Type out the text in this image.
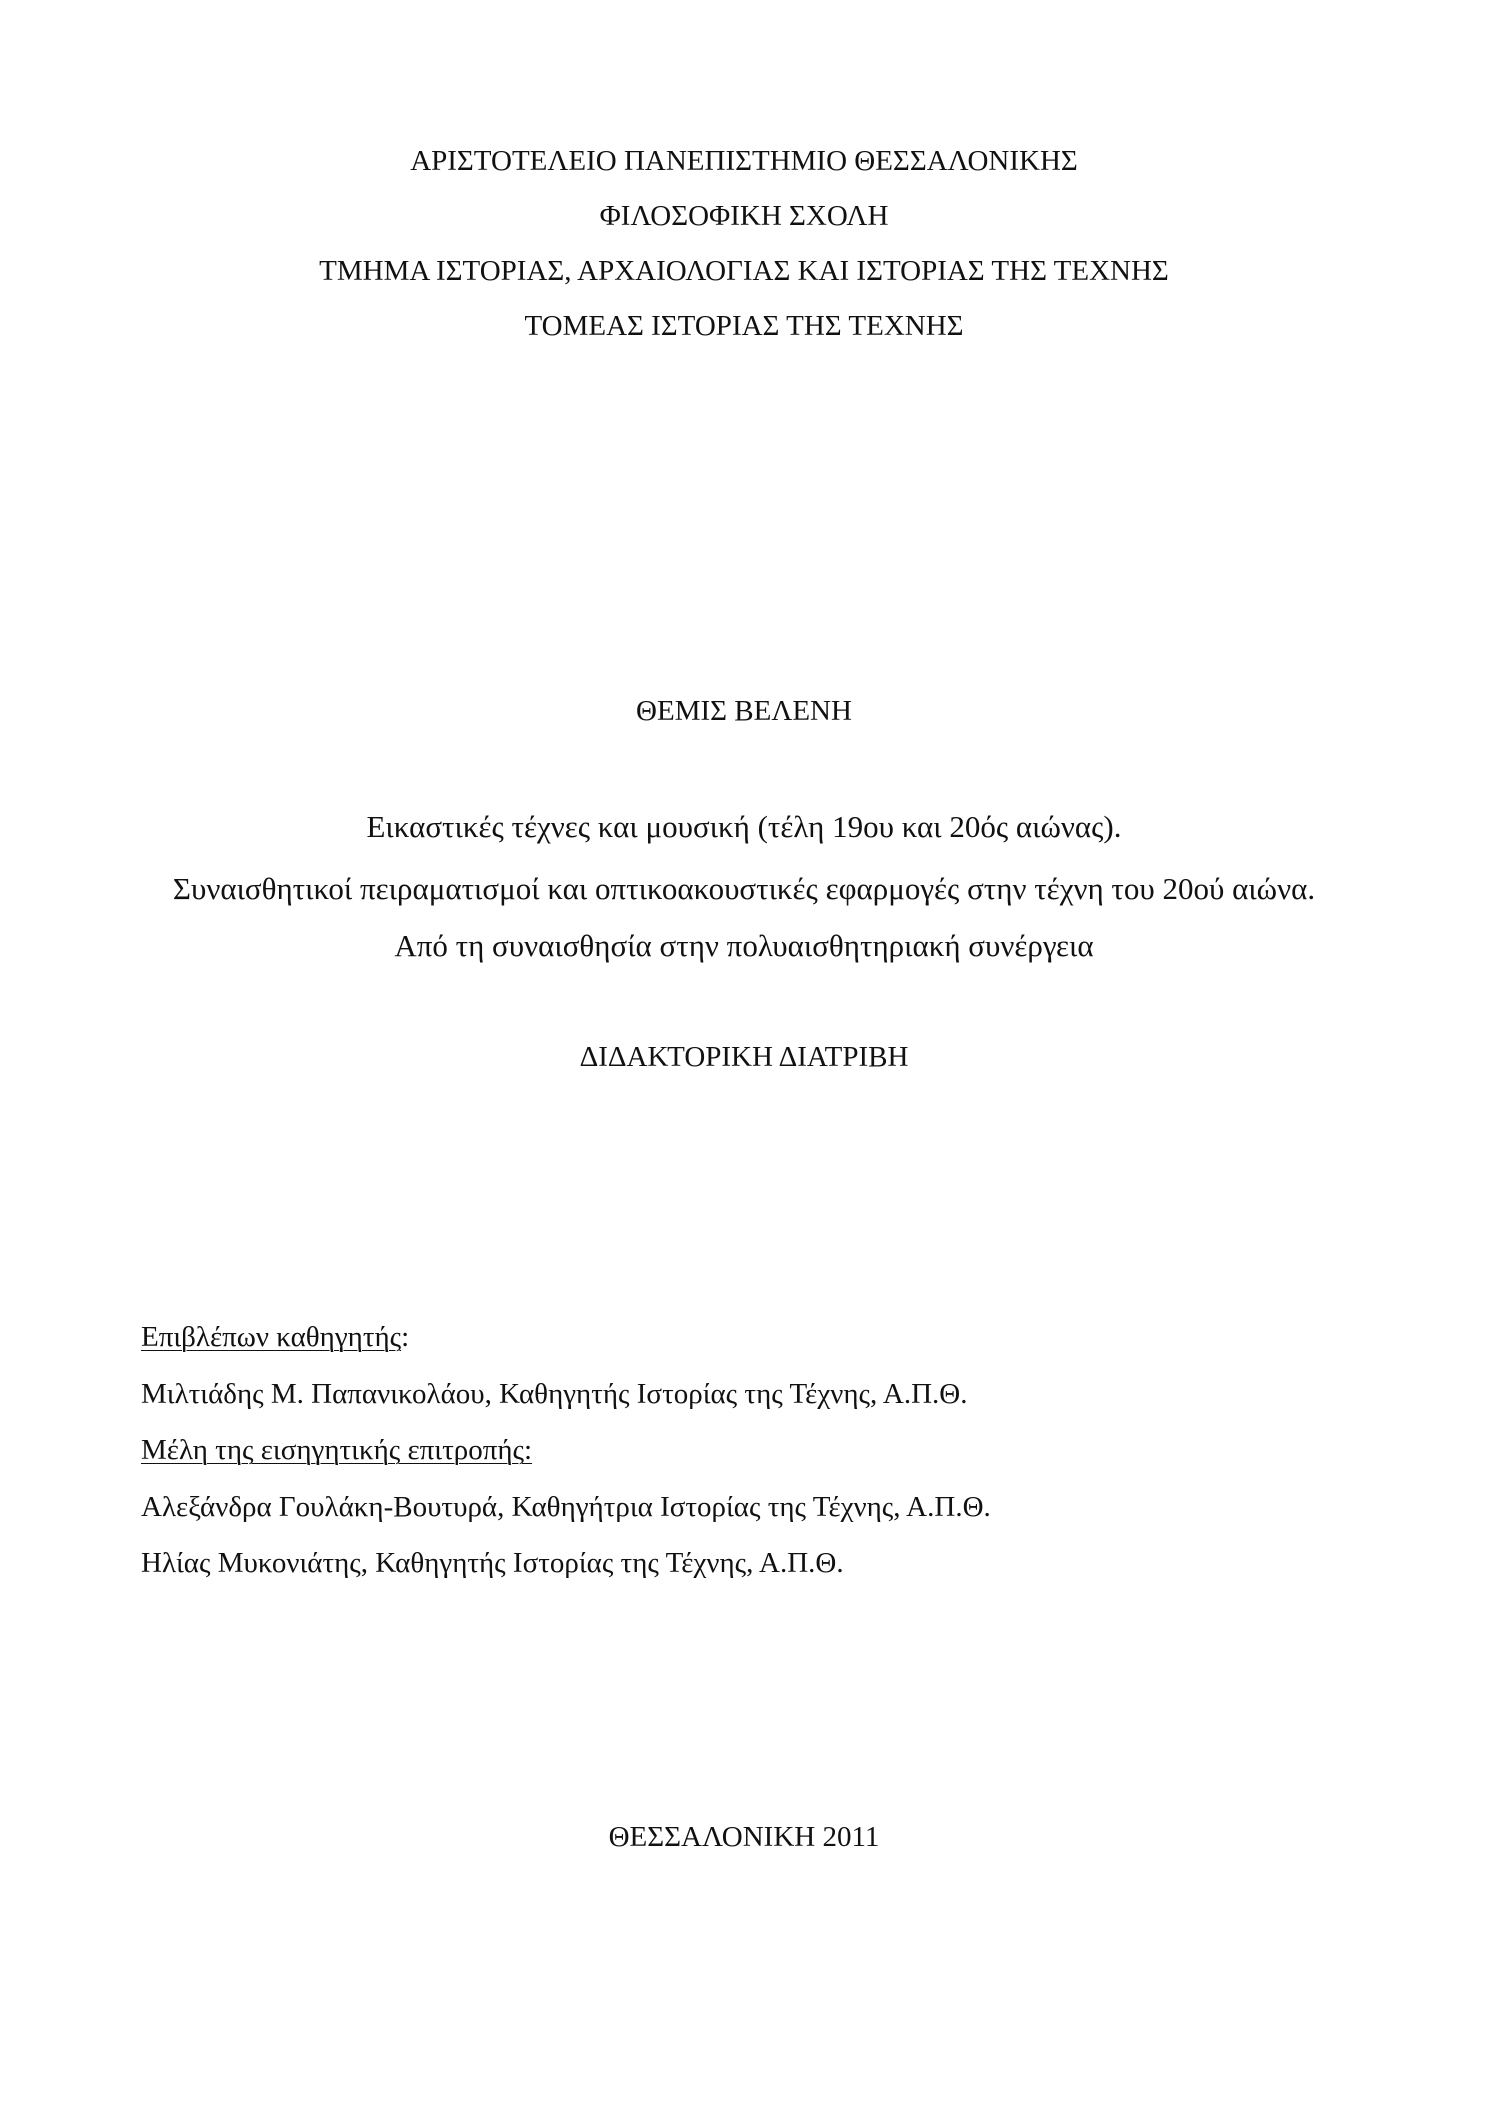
ΑΡΙΣΤΟΤΕΛΕΙΟ ΠΑΝΕΠΙΣΤΗΜΙΟ ΘΕΣΣΑΛΟΝΙΚΗΣ
ΦΙΛΟΣΟΦΙΚΗ ΣΧΟΛΗ
ΤΜΗΜΑ ΙΣΤΟΡΙΑΣ, ΑΡΧΑΙΟΛΟΓΙΑΣ ΚΑΙ ΙΣΤΟΡΙΑΣ ΤΗΣ ΤΕΧΝΗΣ
ΤΟΜΕΑΣ ΙΣΤΟΡΙΑΣ ΤΗΣ ΤΕΧΝΗΣ
ΘΕΜΙΣ ΒΕΛΕΝΗ
Εικαστικές τέχνες και μουσική (τέλη 19ου και 20ός αιώνας).
Συναισθητικοί πειραματισμοί και οπτικοακουστικές εφαρμογές στην τέχνη του 20ού αιώνα.
Από τη συναισθησία στην πολυαισθητηριακή συνέργεια
ΔΙΔΑΚΤΟΡΙΚΗ ΔΙΑΤΡΙΒΗ
Επιβλέπων καθηγητής:
Μιλτιάδης Μ. Παπανικολάου, Καθηγητής Ιστορίας της Τέχνης, Α.Π.Θ.
Μέλη της εισηγητικής επιτροπής:
Αλεξάνδρα Γουλάκη-Βουτυρά, Καθηγήτρια Ιστορίας της Τέχνης, Α.Π.Θ.
Ηλίας Μυκονιάτης, Καθηγητής Ιστορίας της Τέχνης, Α.Π.Θ.
ΘΕΣΣΑΛΟΝΙΚΗ 2011
